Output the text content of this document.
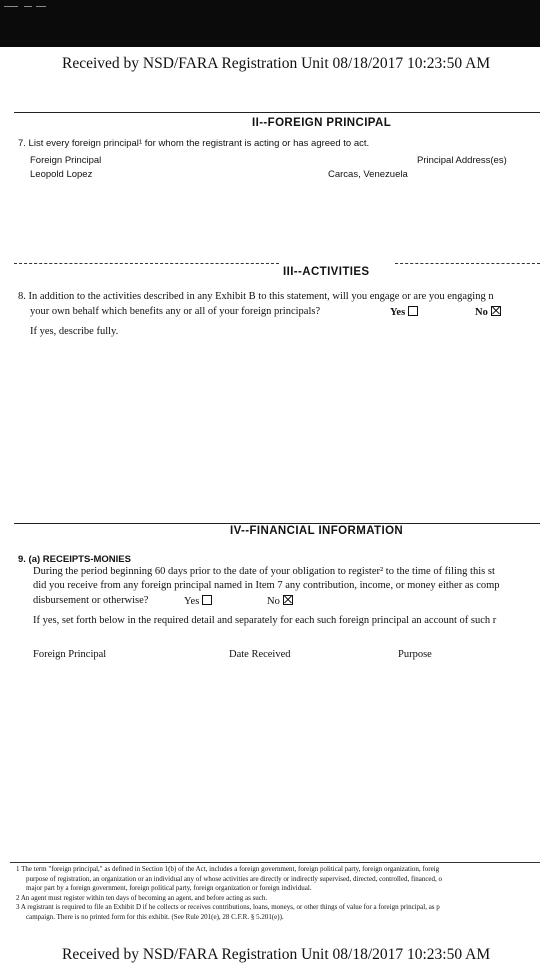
Received by NSD/FARA Registration Unit 08/18/2017 10:23:50 AM
II--FOREIGN PRINCIPAL
7. List every foreign principal¹ for whom the registrant is acting or has agreed to act.
Foreign Principal	Principal Address(es)
Leopold Lopez	Carcas, Venezuela
III--ACTIVITIES
8. In addition to the activities described in any Exhibit B to this statement, will you engage or are you engaging n
your own behalf which benefits any or all of your foreign principals?	Yes	No
If yes, describe fully.
IV--FINANCIAL INFORMATION
9. (a) RECEIPTS-MONIES
During the period beginning 60 days prior to the date of your obligation to register² to the time of filing this st
did you receive from any foreign principal named in Item 7 any contribution, income, or money either as comp
disbursement or otherwise?	Yes	No
If yes, set forth below in the required detail and separately for each such foreign principal an account of such r
Foreign Principal	Date Received	Purpose
1 The term "foreign principal," as defined in Section 1(b) of the Act, includes a foreign government, foreign political party, foreign organization, foreig
purpose of registration, an organization or an individual any of whose activities are directly or indirectly supervised, directed, controlled, financed, o
major part by a foreign government, foreign political party, foreign organization or foreign individual.
2 An agent must register within ten days of becoming an agent, and before acting as such.
3 A registrant is required to file an Exhibit D if he collects or receives contributions, loans, moneys, or other things of value for a foreign principal, as p
campaign. There is no printed form for this exhibit. (See Rule 201(e), 28 C.F.R. § 5.201(e)).
Received by NSD/FARA Registration Unit 08/18/2017 10:23:50 AM
